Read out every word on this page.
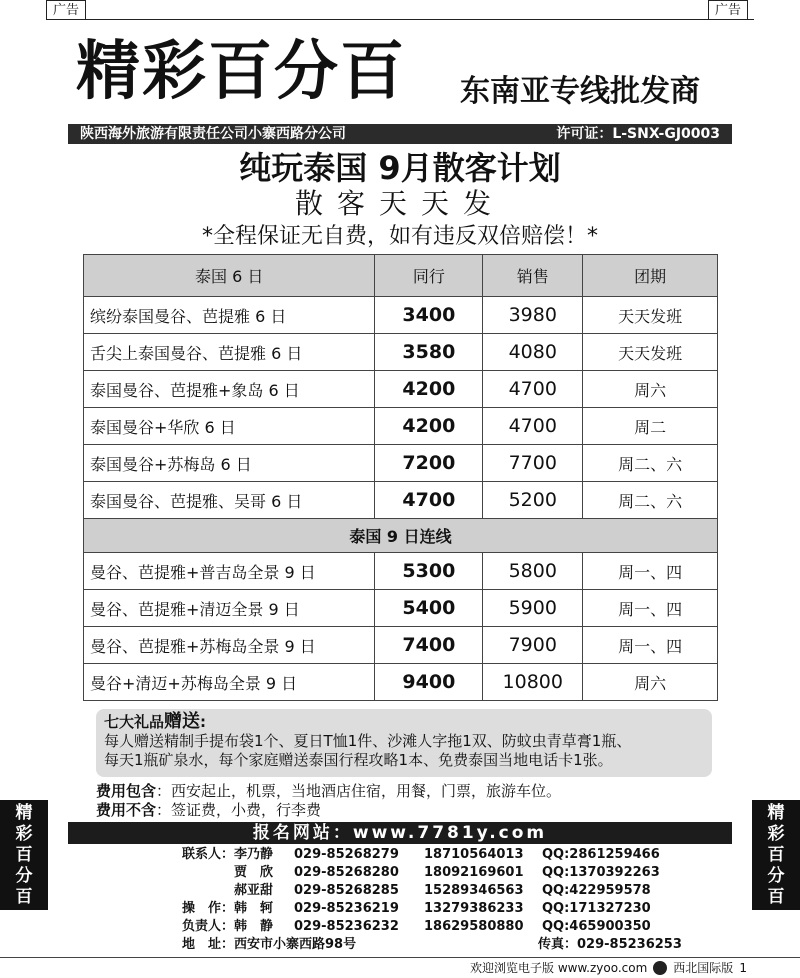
广告	广告
精彩百分百 东南亚专线批发商
陕西海外旅游有限责任公司小寨西路分公司	许可证：L-SNX-GJ0003
纯玩泰国 9月散客计划
散客天天发
*全程保证无自费，如有违反双倍赔偿！*
泰国 6 日	同行	销售	团期
缤纷泰国曼谷、芭提雅 6 日	3400	3980	天天发班
舌尖上泰国曼谷、芭提雅 6 日	3580	4080	天天发班
泰国曼谷、芭提雅+象岛 6 日	4200	4700	周六
泰国曼谷+华欣 6 日	4200	4700	周二
泰国曼谷+苏梅岛 6 日	7200	7700	周二、六
泰国曼谷、芭提雅、吴哥 6 日	4700	5200	周二、六
泰国 9 日连线			
曼谷、芭提雅+普吉岛全景 9 日	5300	5800	周一、四
曼谷、芭提雅+清迈全景 9 日	5400	5900	周一、四
曼谷、芭提雅+苏梅岛全景 9 日	7400	7900	周一、四
曼谷+清迈+苏梅岛全景 9 日	9400	10800	周六
七大礼品赠送:
每人赠送精制手提布袋1个、夏日T恤1件、沙滩人字拖1双、防蚊虫青草膏1瓶、
每天1瓶矿泉水，每个家庭赠送泰国行程攻略1本、免费泰国当地电话卡1张。
费用包含：西安起止，机票，当地酒店住宿，用餐，门票，旅游车位。
费用不含：签证费，小费，行李费
报名网站：www.7781y.com
联系人： 李乃静	029-85268279	18710564013	QQ:2861259466
贾　欣	029-85268280	18092169601	QQ:1370392263
郝亚甜	029-85268285	15289346563	QQ:422959578
操　作： 韩　轲	029-85236219	13279386233	QQ:171327230
负责人： 韩　静	029-85236232	18629580880	QQ:465900350
地　址： 西安市小寨西路98号	传真：029-85236253
精
彩
百
分
百
精
彩
百
分
百
欢迎浏览电子版 www.zyoo.com 西北国际版 1
